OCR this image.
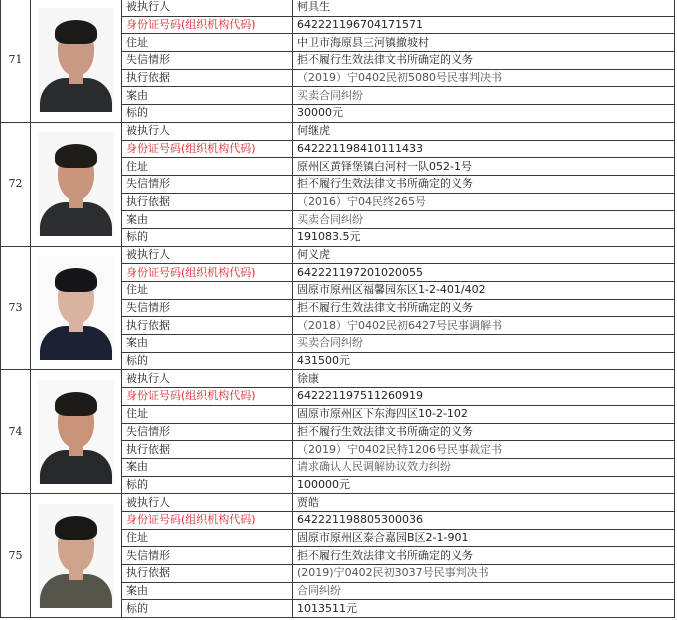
71		被执行人	柯具生
		身份证号码(组织机构代码)	642221196704171571
		住址	中卫市海原县三河镇撤坡村
		失信情形	拒不履行生效法律文书所确定的义务
		执行依据	（2019）宁0402民初5080号民事判决书
		案由	买卖合同纠纷
		标的	30000元
72		被执行人	何继虎
		身份证号码(组织机构代码)	642221198410111433
		住址	原州区黄铎堡镇白河村一队052-1号
		失信情形	拒不履行生效法律文书所确定的义务
		执行依据	（2016）宁04民终265号
		案由	买卖合同纠纷
		标的	191083.5元
73		被执行人	何义虎
		身份证号码(组织机构代码)	642221197201020055
		住址	固原市原州区福馨园东区1-2-401/402
		失信情形	拒不履行生效法律文书所确定的义务
		执行依据	（2018）宁0402民初6427号民事调解书
		案由	买卖合同纠纷
		标的	431500元
74		被执行人	徐康
		身份证号码(组织机构代码)	642221197511260919
		住址	固原市原州区下东海四区10-2-102
		失信情形	拒不履行生效法律文书所确定的义务
		执行依据	（2019）宁0402民特1206号民事裁定书
		案由	请求确认人民调解协议效力纠纷
		标的	100000元
75		被执行人	贾皓
		身份证号码(组织机构代码)	642221198805300036
		住址	固原市原州区泰合嘉园B区2-1-901
		失信情形	拒不履行生效法律文书所确定的义务
		执行依据	(2019)宁0402民初3037号民事判决书
		案由	合同纠纷
		标的	1013511元
